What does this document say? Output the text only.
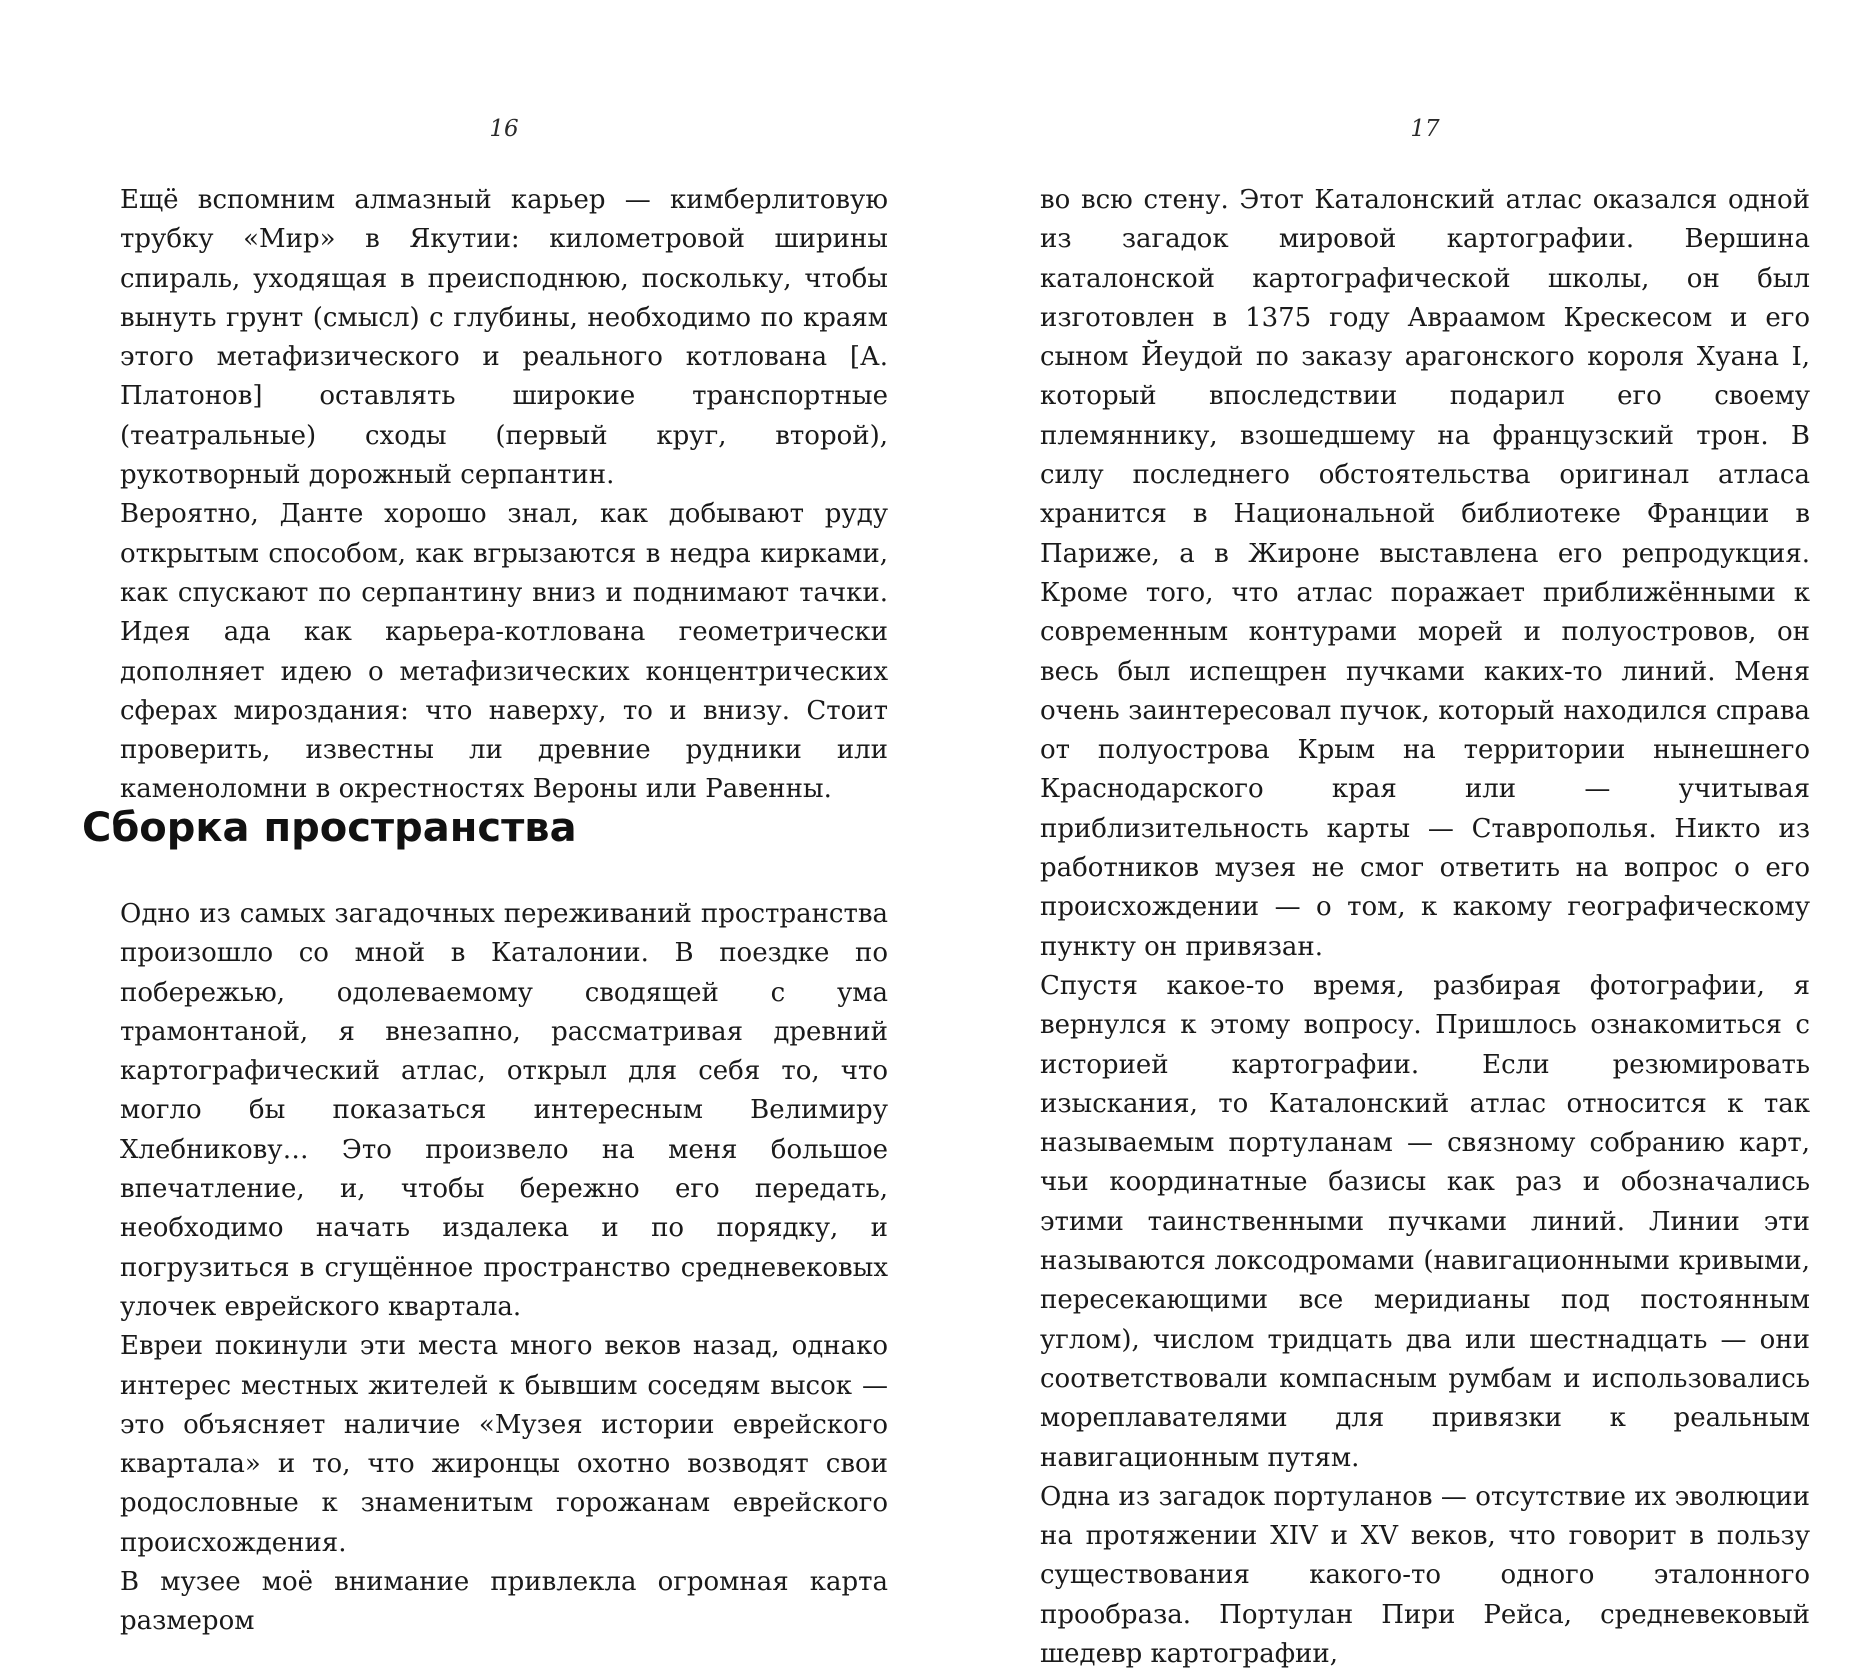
16

Ещё вспомним алмазный карьер — кимберлитовую трубку «Мир» в Якутии: километровой ширины спираль, уходящая в преисподнюю, поскольку, чтобы вынуть грунт (смысл) с глубины, необходимо по краям этого метафизического и реального котлована [А. Платонов] оставлять широкие транспортные (театральные) сходы (первый круг, второй), рукотворный дорожный серпантин.

Вероятно, Данте хорошо знал, как добывают руду открытым способом, как вгрызаются в недра кирками, как спускают по серпантину вниз и поднимают тачки. Идея ада как карьера-котлована геометрически дополняет идею о метафизических концентрических сферах мироздания: что наверху, то и внизу. Стоит проверить, известны ли древние рудники или каменоломни в окрестностях Вероны или Равенны.

Сборка пространства

Одно из самых загадочных переживаний пространства произошло со мной в Каталонии. В поездке по побережью, одолеваемому сводящей с ума трамонтаной, я внезапно, рассматривая древний картографический атлас, открыл для себя то, что могло бы показаться интересным Велимиру Хлебникову… Это произвело на меня большое впечатление, и, чтобы бережно его передать, необходимо начать издалека и по порядку, и погрузиться в сгущённое пространство средневековых улочек еврейского квартала.

Евреи покинули эти места много веков назад, однако интерес местных жителей к бывшим соседям высок — это объясняет наличие «Музея истории еврейского квартала» и то, что жиронцы охотно возводят свои родословные к знаменитым горожанам еврейского происхождения.

В музее моё внимание привлекла огромная карта размером

17

во всю стену. Этот Каталонский атлас оказался одной из загадок мировой картографии. Вершина каталонской картографической школы, он был изготовлен в 1375 году Авраамом Крескесом и его сыном Йеудой по заказу арагонского короля Хуана I, который впоследствии подарил его своему племяннику, взошедшему на французский трон. В силу последнего обстоятельства оригинал атласа хранится в Национальной библиотеке Франции в Париже, а в Жироне выставлена его репродукция. Кроме того, что атлас поражает приближёнными к современным контурами морей и полуостровов, он весь был испещрен пучками каких-то линий. Меня очень заинтересовал пучок, который находился справа от полуострова Крым на территории нынешнего Краснодарского края или — учитывая приблизительность карты — Ставрополья. Никто из работников музея не смог ответить на вопрос о его происхождении — о том, к какому географическому пункту он привязан.

Спустя какое-то время, разбирая фотографии, я вернулся к этому вопросу. Пришлось ознакомиться с историей картографии. Если резюмировать изыскания, то Каталонский атлас относится к так называемым портуланам — связному собранию карт, чьи координатные базисы как раз и обозначались этими таинственными пучками линий. Линии эти называются локсодромами (навигационными кривыми, пересекающими все меридианы под постоянным углом), числом тридцать два или шестнадцать — они соответствовали компасным румбам и использовались мореплавателями для привязки к реальным навигационным путям.

Одна из загадок портуланов — отсутствие их эволюции на протяжении XIV и XV веков, что говорит в пользу существования какого-то одного эталонного прообраза. Портулан Пири Рейса, средневековый шедевр картографии,
